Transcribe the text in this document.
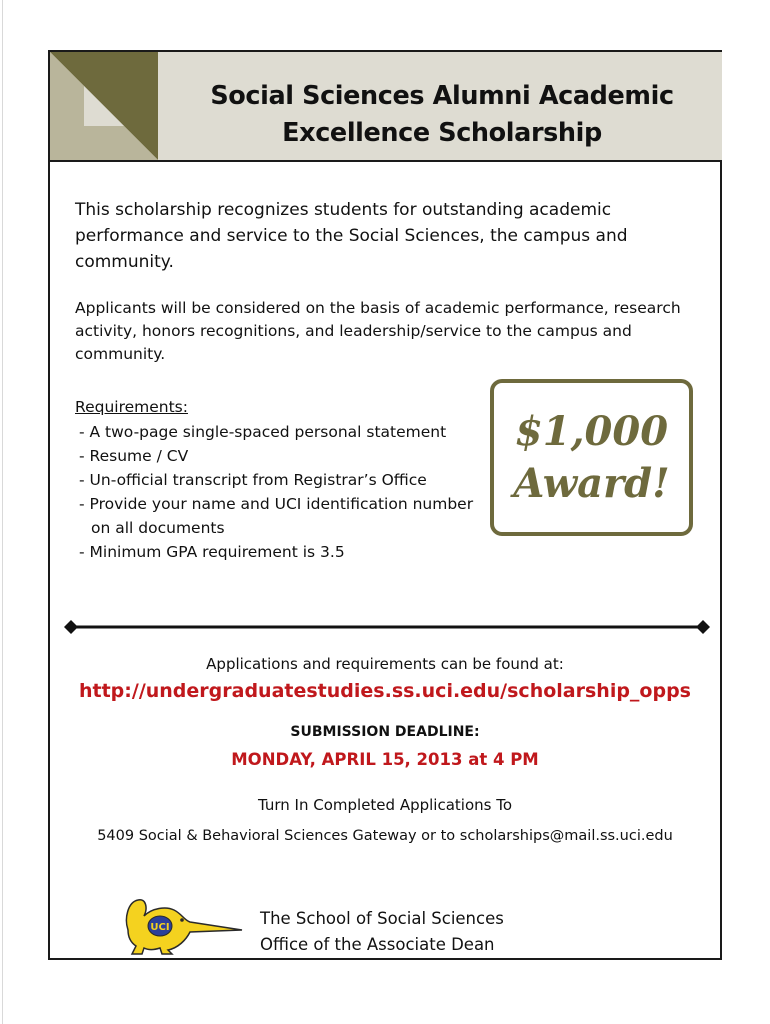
Social Sciences Alumni Academic
Excellence Scholarship

This scholarship recognizes students for outstanding academic performance and service to the Social Sciences, the campus and community.

Applicants will be considered on the basis of academic performance, research activity, honors recognitions, and leadership/service to the campus and community.

Requirements:

- A two-page single-spaced personal statement
- Resume / CV
- Un-official transcript from Registrar’s Office
- Provide your name and UCI identification number on all documents
- Minimum GPA requirement is 3.5
$1,000
Award!

Applications and requirements can be found at:

http://undergraduatestudies.ss.uci.edu/scholarship_opps
SUBMISSION DEADLINE:
MONDAY, APRIL 15, 2013 at 4 PM
Turn In Completed Applications To
5409 Social & Behavioral Sciences Gateway or to scholarships@mail.ss.uci.edu
UCI	The School of Social Sciences
Office of the Associate Dean
